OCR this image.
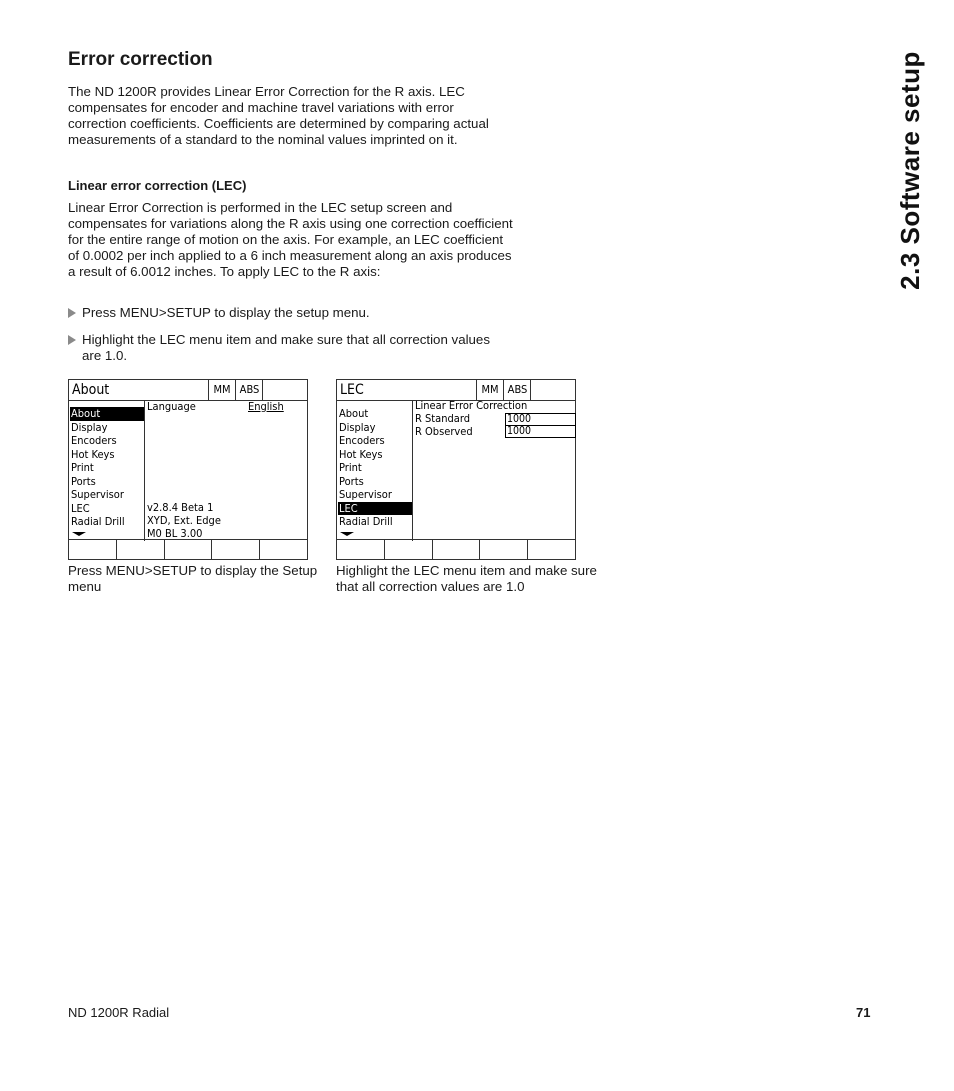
2.3 Software setup
Error correction

The ND 1200R provides Linear Error Correction for the R axis. LEC compensates for encoder and machine travel variations with error correction coefficients. Coefficients are determined by comparing actual measurements of a standard to the nominal values imprinted on it.

Linear error correction (LEC)

Linear Error Correction is performed in the LEC setup screen and compensates for variations along the R axis using one correction coefficient for the entire range of motion on the axis. For example, an LEC coefficient of 0.0002 per inch applied to a 6 inch measurement along an axis produces a result of 6.0012 inches. To apply LEC to the R axis:

Press MENU>SETUP to display the setup menu.
Highlight the LEC menu item and make sure that all correction values are 1.0.
About	MM ABS
About
Display
Encoders
Hot Keys
Print
Ports
Supervisor
LEC
Radial Drill
Language	English
v2.8.4 Beta 1
XYD, Ext. Edge
M0 BL 3.00
Press MENU>SETUP to display the Setup menu
LEC	MM ABS
About
Display
Encoders
Hot Keys
Print
Ports
Supervisor
LEC
Radial Drill
Linear Error Correction
R Standard	1000
R Observed	1000
Highlight the LEC menu item and make sure that all correction values are 1.0
ND 1200R Radial	71
